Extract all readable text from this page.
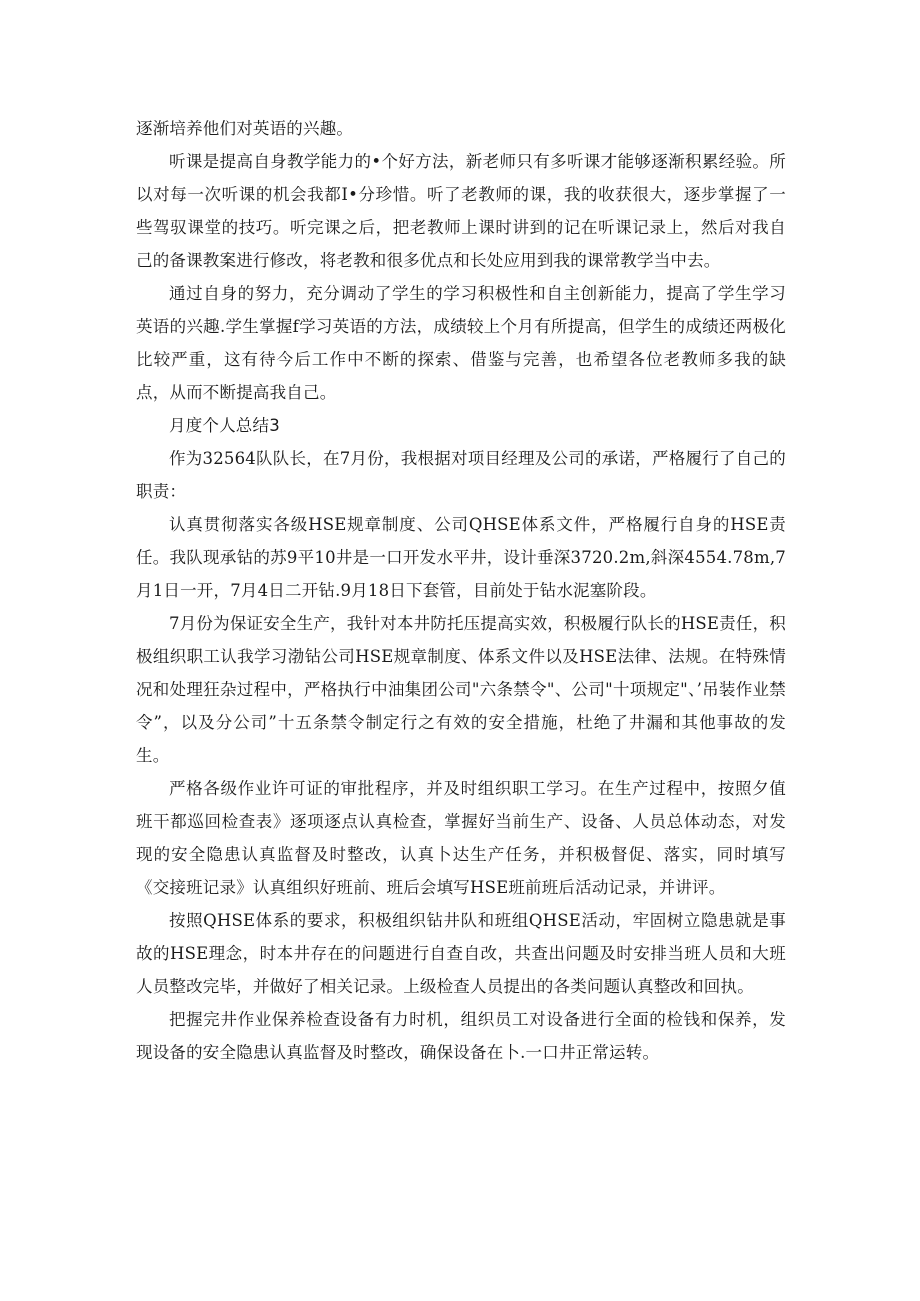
逐渐培养他们对英语的兴趣。

听课是提高自身教学能力的•个好方法，新老师只有多听课才能够逐渐积累经验。所以对每一次听课的机会我都I•分珍惜。听了老教师的课，我的收获很大，逐步掌握了一些驾驭课堂的技巧。听完课之后，把老教师上课时讲到的记在听课记录上，然后对我自己的备课教案进行修改，将老教和很多优点和长处应用到我的课常教学当中去。

通过自身的努力，充分调动了学生的学习积极性和自主创新能力，提高了学生学习英语的兴趣.学生掌握f学习英语的方法，成绩较上个月有所提高，但学生的成绩还两极化比较严重，这有待今后工作中不断的探索、借鉴与完善，也希望各位老教师多我的缺点，从而不断提高我自己。

月度个人总结3

作为32564队队长，在7月份，我根据对项目经理及公司的承诺，严格履行了自己的职责：

认真贯彻落实各级HSE规章制度、公司QHSE体系文件，严格履行自身的HSE责任。我队现承钻的苏9平10井是一口开发水平井，设计垂深3720.2m,斜深4554.78m,7月1日一开，7月4日二开钻.9月18日下套管，目前处于钻水泥塞阶段。

7月份为保证安全生产，我针对本井防托压提高实效，积极履行队长的HSE责任，积极组织职工认我学习渤钻公司HSE规章制度、体系文件以及HSE法律、法规。在特殊情况和处理狂杂过程中，严格执行中油集团公司"六条禁令"、公司"十项规定"、’吊装作业禁令”，以及分公司”十五条禁令制定行之有效的安全措施，杜绝了井漏和其他事故的发生。

严格各级作业许可证的审批程序，并及时组织职工学习。在生产过程中，按照夕值班干都巡回检查表》逐项逐点认真检查，掌握好当前生产、设备、人员总体动态，对发现的安全隐患认真监督及时整改，认真卜达生产任务，并积极督促、落实，同时填写《交接班记录》认真组织好班前、班后会填写HSE班前班后活动记录，并讲评。

按照QHSE体系的要求，积极组织钻井队和班组QHSE活动，牢固树立隐患就是事故的HSE理念，时本井存在的问题进行自查自改，共查出问题及时安排当班人员和大班人员整改完毕，并做好了相关记录。上级检查人员提出的各类问题认真整改和回执。

把握完井作业保养检查设备有力时机，组织员工对设备进行全面的检钱和保养，发现设备的安全隐患认真监督及时整改，确保设备在卜.一口井正常运转。
